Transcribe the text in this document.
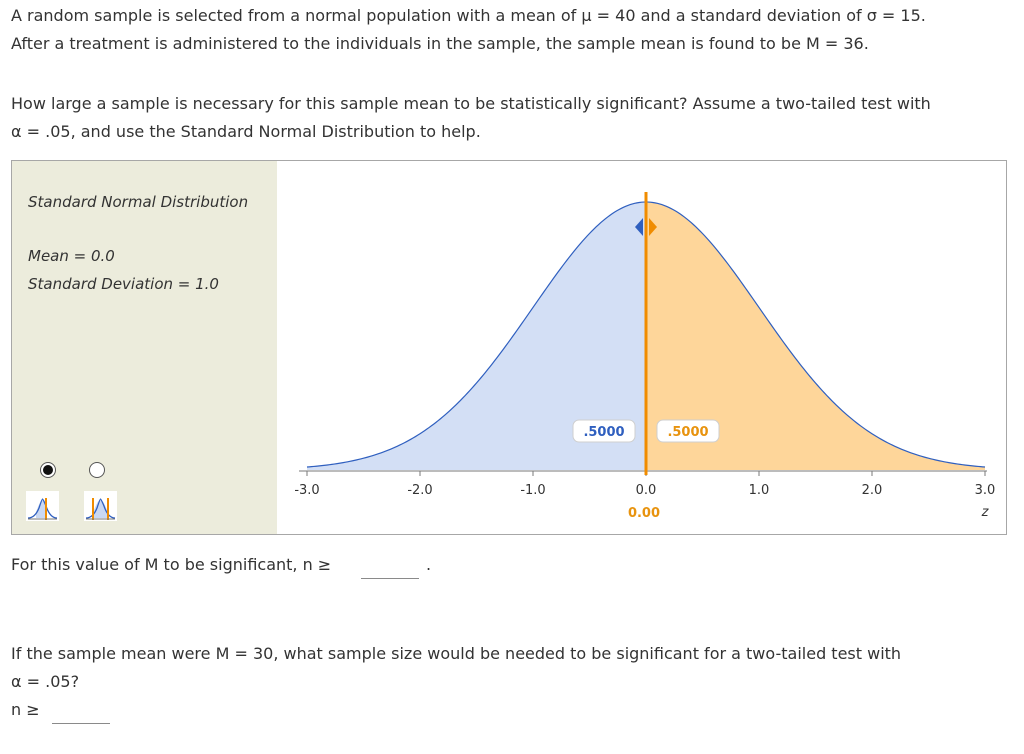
A random sample is selected from a normal population with a mean of μ = 40 and a standard deviation of σ = 15.
After a treatment is administered to the individuals in the sample, the sample mean is found to be M = 36.

How large a sample is necessary for this sample mean to be statistically significant? Assume a two-tailed test with
α = .05, and use the Standard Normal Distribution to help.

Standard Normal Distribution
Mean = 0.0
Standard Deviation = 1.0
-3.0	-2.0	-1.0	0.0	1.0	2.0	3.0
z
0.00
.5000	.5000

For this value of M to be significant, n ≥	.

If the sample mean were M = 30, what sample size would be needed to be significant for a two-tailed test with
α = .05?

n ≥
